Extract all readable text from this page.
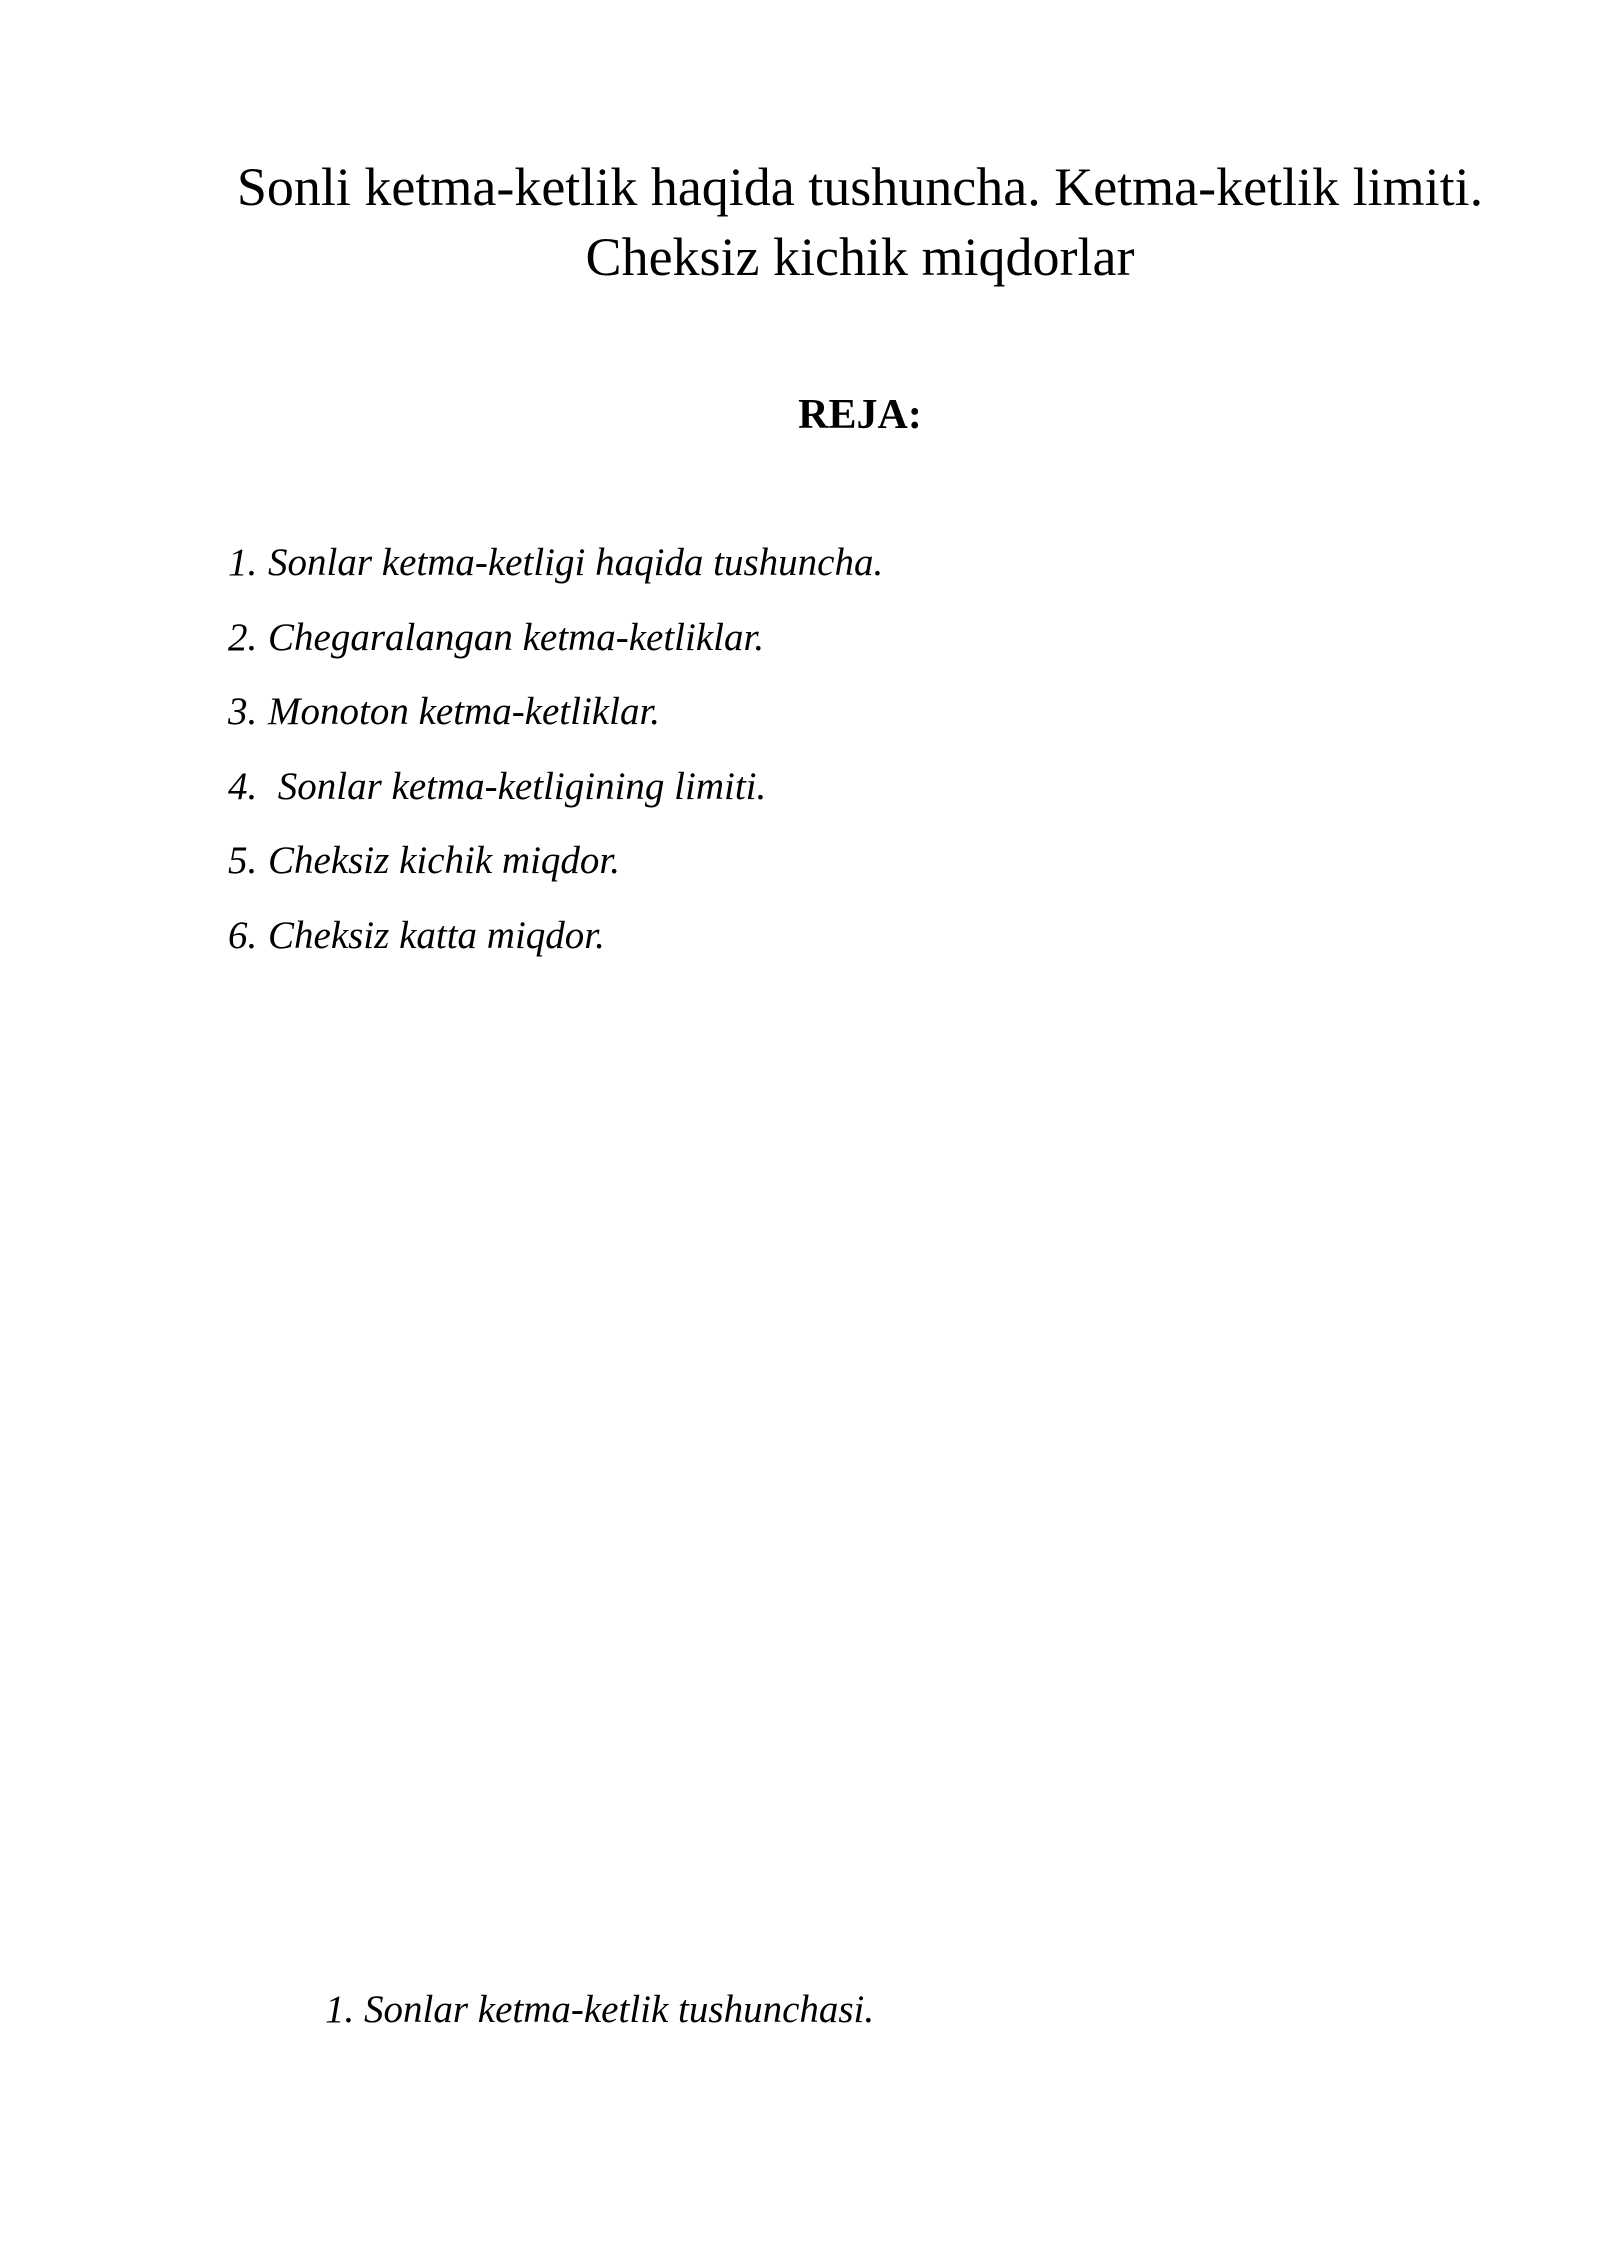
Sonli ketma-ketlik haqida tushuncha. Ketma-ketlik limiti. Cheksiz kichik miqdorlar
REJA:
1. Sonlar ketma-ketligi haqida tushuncha.
2. Chegaralangan ketma-ketliklar.
3. Monoton ketma-ketliklar.
4. Sonlar ketma-ketligining limiti.
5. Cheksiz kichik miqdor.
6. Cheksiz katta miqdor.

1. Sonlar ketma-ketlik tushunchasi.
